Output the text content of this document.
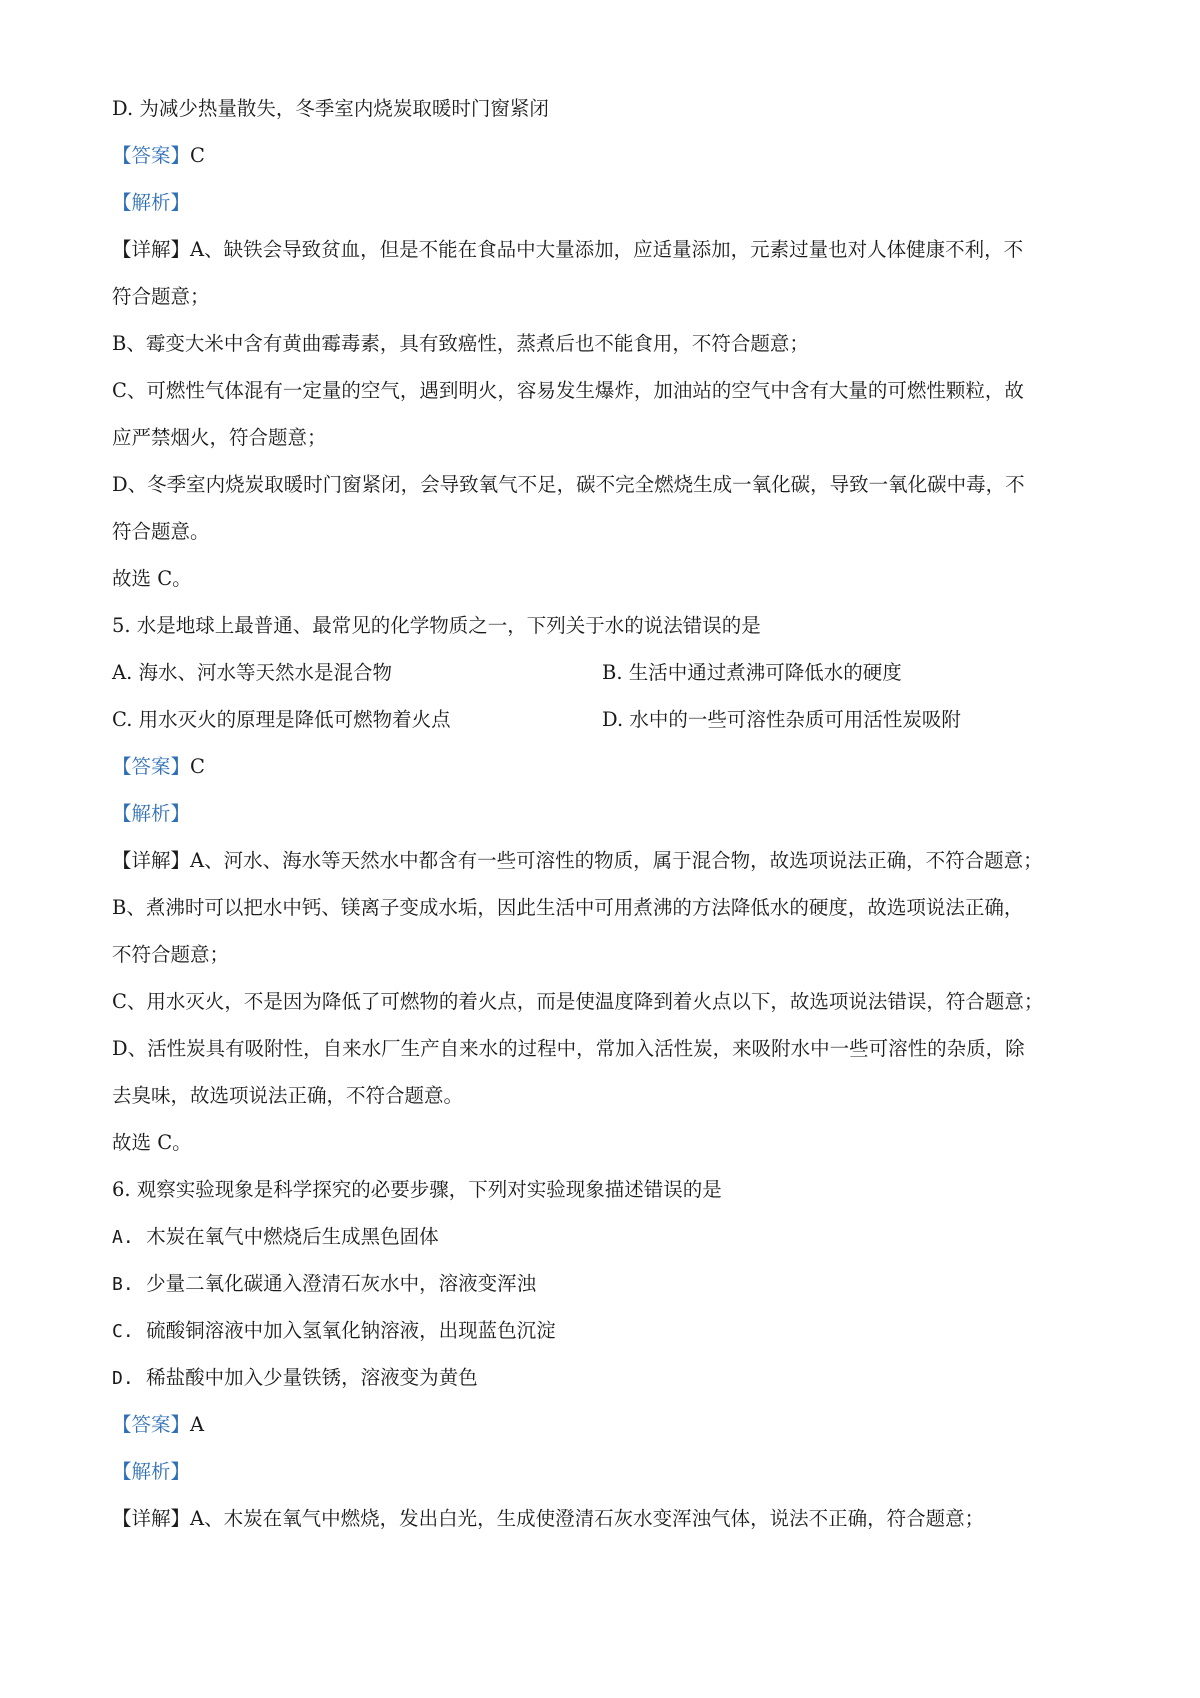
D. 为减少热量散失，冬季室内烧炭取暖时门窗紧闭
【答案】C
【解析】
【详解】A、缺铁会导致贫血，但是不能在食品中大量添加，应适量添加，元素过量也对人体健康不利，不
符合题意；
B、霉变大米中含有黄曲霉毒素，具有致癌性，蒸煮后也不能食用，不符合题意；
C、可燃性气体混有一定量的空气，遇到明火，容易发生爆炸，加油站的空气中含有大量的可燃性颗粒，故
应严禁烟火，符合题意；
D、冬季室内烧炭取暖时门窗紧闭，会导致氧气不足，碳不完全燃烧生成一氧化碳，导致一氧化碳中毒，不
符合题意。
故选 C。
5. 水是地球上最普通、最常见的化学物质之一，下列关于水的说法错误的是
A. 海水、河水等天然水是混合物	B. 生活中通过煮沸可降低水的硬度
C. 用水灭火的原理是降低可燃物着火点	D. 水中的一些可溶性杂质可用活性炭吸附
【答案】C
【解析】
【详解】A、河水、海水等天然水中都含有一些可溶性的物质，属于混合物，故选项说法正确，不符合题意；
B、煮沸时可以把水中钙、镁离子变成水垢，因此生活中可用煮沸的方法降低水的硬度，故选项说法正确，
不符合题意；
C、用水灭火，不是因为降低了可燃物的着火点，而是使温度降到着火点以下，故选项说法错误，符合题意；
D、活性炭具有吸附性，自来水厂生产自来水的过程中，常加入活性炭，来吸附水中一些可溶性的杂质，除
去臭味，故选项说法正确，不符合题意。
故选 C。
6. 观察实验现象是科学探究的必要步骤，下列对实验现象描述错误的是
A. 木炭在氧气中燃烧后生成黑色固体
B. 少量二氧化碳通入澄清石灰水中，溶液变浑浊
C. 硫酸铜溶液中加入氢氧化钠溶液，出现蓝色沉淀
D. 稀盐酸中加入少量铁锈，溶液变为黄色
【答案】A
【解析】
【详解】A、木炭在氧气中燃烧，发出白光，生成使澄清石灰水变浑浊气体，说法不正确，符合题意；
